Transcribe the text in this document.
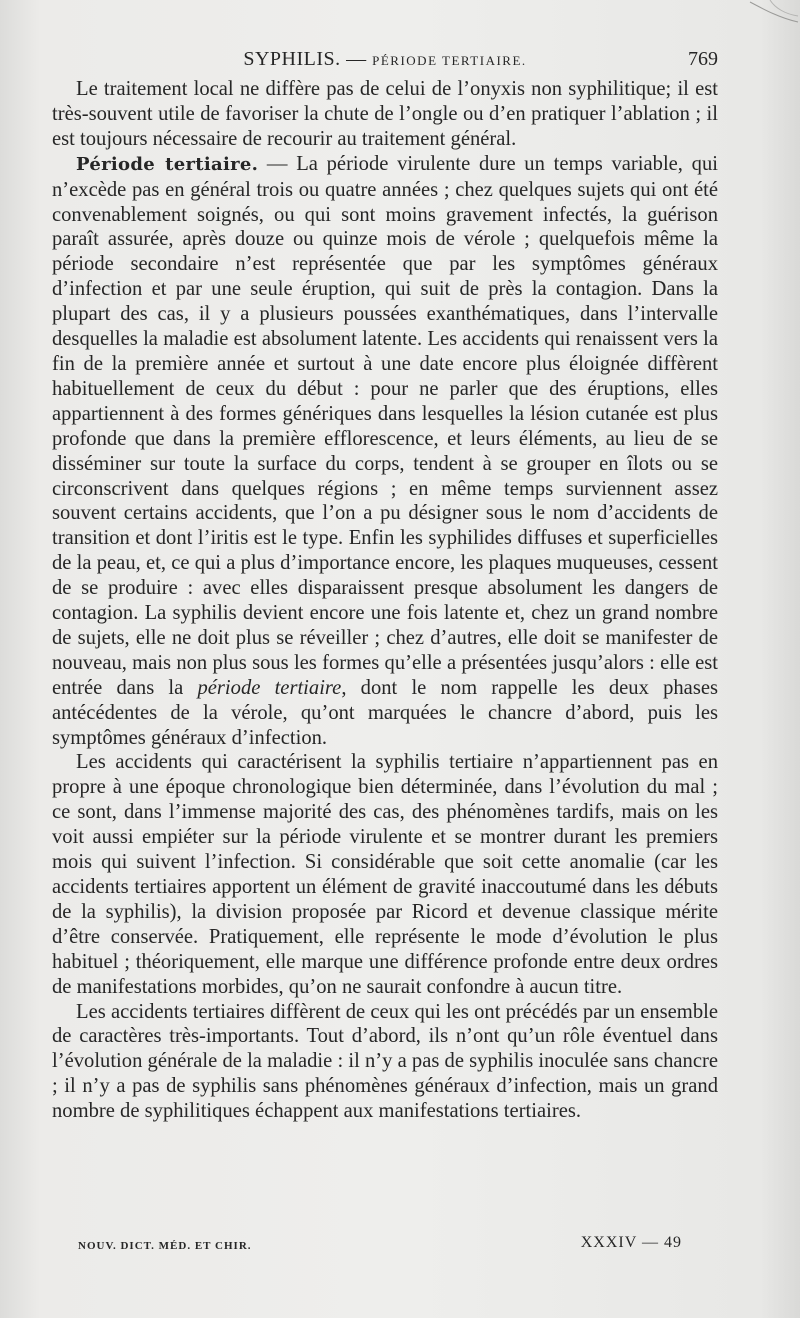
SYPHILIS. — PÉRIODE TERTIAIRE.	769

Le traitement local ne diffère pas de celui de l’onyxis non syphilitique; il est très-souvent utile de favoriser la chute de l’ongle ou d’en pratiquer l’ablation ; il est toujours nécessaire de recourir au traitement général.

Période tertiaire. — La période virulente dure un temps variable, qui n’excède pas en général trois ou quatre années ; chez quelques sujets qui ont été convenablement soignés, ou qui sont moins gravement infectés, la guérison paraît assurée, après douze ou quinze mois de vérole ; quelquefois même la période secondaire n’est représentée que par les symptômes généraux d’infection et par une seule éruption, qui suit de près la contagion. Dans la plupart des cas, il y a plusieurs poussées exanthématiques, dans l’intervalle desquelles la maladie est absolument latente. Les accidents qui renaissent vers la fin de la première année et surtout à une date encore plus éloignée diffèrent habituellement de ceux du début : pour ne parler que des éruptions, elles appartiennent à des formes génériques dans lesquelles la lésion cutanée est plus profonde que dans la première efflorescence, et leurs éléments, au lieu de se disséminer sur toute la surface du corps, tendent à se grouper en îlots ou se circonscrivent dans quelques régions ; en même temps surviennent assez souvent certains accidents, que l’on a pu désigner sous le nom d’accidents de transition et dont l’iritis est le type. Enfin les syphilides diffuses et superficielles de la peau, et, ce qui a plus d’importance encore, les plaques muqueuses, cessent de se produire : avec elles disparaissent presque absolument les dangers de contagion. La syphilis devient encore une fois latente et, chez un grand nombre de sujets, elle ne doit plus se réveiller ; chez d’autres, elle doit se manifester de nouveau, mais non plus sous les formes qu’elle a présentées jusqu’alors : elle est entrée dans la période tertiaire, dont le nom rappelle les deux phases antécédentes de la vérole, qu’ont marquées le chancre d’abord, puis les symptômes généraux d’infection.

Les accidents qui caractérisent la syphilis tertiaire n’appartiennent pas en propre à une époque chronologique bien déterminée, dans l’évolution du mal ; ce sont, dans l’immense majorité des cas, des phénomènes tardifs, mais on les voit aussi empiéter sur la période virulente et se montrer durant les premiers mois qui suivent l’infection. Si considérable que soit cette anomalie (car les accidents tertiaires apportent un élément de gravité inaccoutumé dans les débuts de la syphilis), la division proposée par Ricord et devenue classique mérite d’être conservée. Pratiquement, elle représente le mode d’évolution le plus habituel ; théoriquement, elle marque une différence profonde entre deux ordres de manifestations morbides, qu’on ne saurait confondre à aucun titre.

Les accidents tertiaires diffèrent de ceux qui les ont précédés par un ensemble de caractères très-importants. Tout d’abord, ils n’ont qu’un rôle éventuel dans l’évolution générale de la maladie : il n’y a pas de syphilis inoculée sans chancre ; il n’y a pas de syphilis sans phénomènes généraux d’infection, mais un grand nombre de syphilitiques échappent aux manifestations tertiaires.

NOUV. DICT. MÉD. ET CHIR.	XXXIV — 49
